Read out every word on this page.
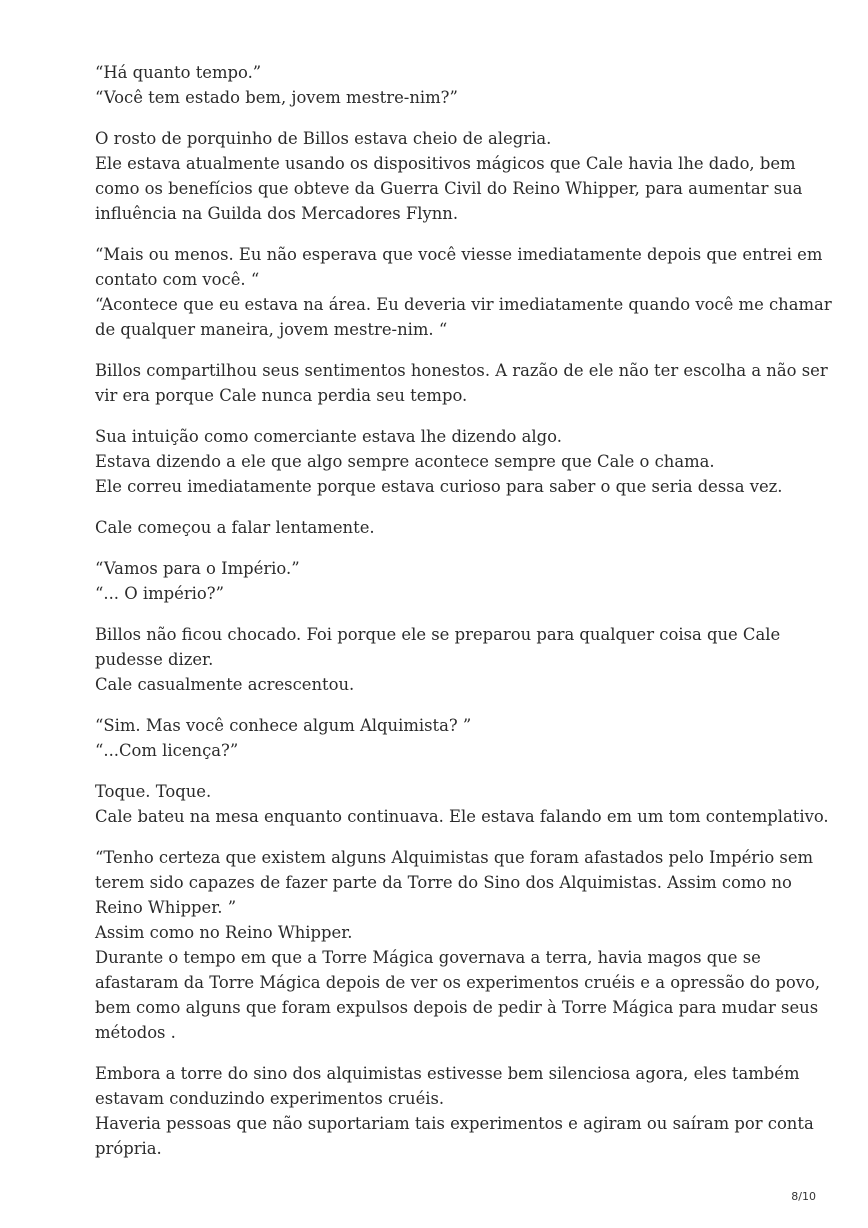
“Há quanto tempo.”
“Você tem estado bem, jovem mestre-nim?”

O rosto de porquinho de Billos estava cheio de alegria.
Ele estava atualmente usando os dispositivos mágicos que Cale havia lhe dado, bem
como os benefícios que obteve da Guerra Civil do Reino Whipper, para aumentar sua
influência na Guilda dos Mercadores Flynn.

“Mais ou menos. Eu não esperava que você viesse imediatamente depois que entrei em
contato com você. “
“Acontece que eu estava na área. Eu deveria vir imediatamente quando você me chamar
de qualquer maneira, jovem mestre-nim. “

Billos compartilhou seus sentimentos honestos. A razão de ele não ter escolha a não ser
vir era porque Cale nunca perdia seu tempo.

Sua intuição como comerciante estava lhe dizendo algo.
Estava dizendo a ele que algo sempre acontece sempre que Cale o chama.
Ele correu imediatamente porque estava curioso para saber o que seria dessa vez.

Cale começou a falar lentamente.

“Vamos para o Império.”
“... O império?”

Billos não ficou chocado. Foi porque ele se preparou para qualquer coisa que Cale
pudesse dizer.
Cale casualmente acrescentou.

“Sim. Mas você conhece algum Alquimista? ”
“...Com licença?”

Toque. Toque.
Cale bateu na mesa enquanto continuava. Ele estava falando em um tom contemplativo.

“Tenho certeza que existem alguns Alquimistas que foram afastados pelo Império sem
terem sido capazes de fazer parte da Torre do Sino dos Alquimistas. Assim como no
Reino Whipper. ”
Assim como no Reino Whipper.
Durante o tempo em que a Torre Mágica governava a terra, havia magos que se
afastaram da Torre Mágica depois de ver os experimentos cruéis e a opressão do povo,
bem como alguns que foram expulsos depois de pedir à Torre Mágica para mudar seus
métodos .

Embora a torre do sino dos alquimistas estivesse bem silenciosa agora, eles também
estavam conduzindo experimentos cruéis.
Haveria pessoas que não suportariam tais experimentos e agiram ou saíram por conta
própria.

8/10
